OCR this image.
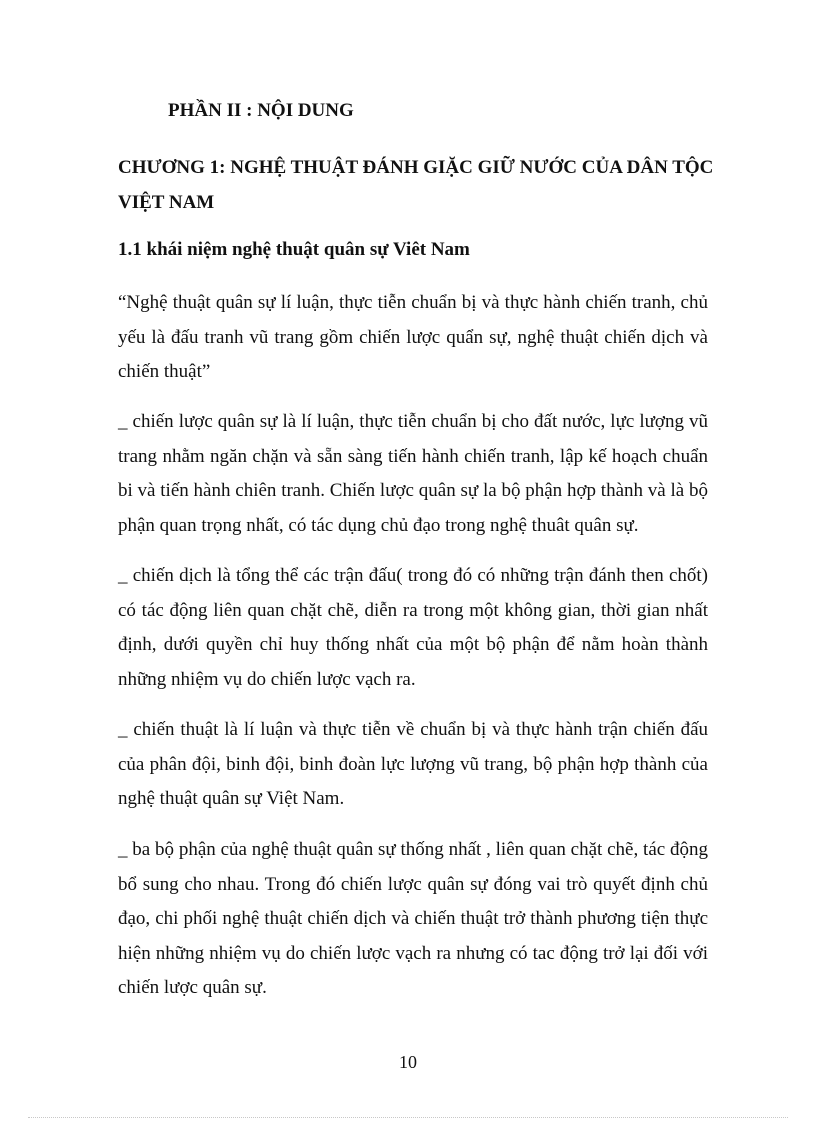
PHẦN II : NỘI DUNG
CHƯƠNG 1: NGHỆ THUẬT ĐÁNH GIẶC GIỮ NƯỚC CỦA DÂN TỘC VIỆT NAM
1.1 khái niệm nghệ thuật quân sự Viêt Nam

“Nghệ thuật quân sự lí luận, thực tiễn chuẩn bị và thực hành chiến tranh, chủ yếu là đấu tranh vũ trang gồm chiến lược quẩn sự, nghệ thuật chiến dịch và chiến thuật”

_ chiến lược quân sự là lí luận, thực tiễn chuẩn bị cho đất nước, lực lượng vũ trang nhằm ngăn chặn và sẵn sàng tiến hành chiến tranh, lập kế hoạch chuẩn bi và tiến hành chiên tranh. Chiến lược quân sự la bộ phận hợp thành và là bộ phận quan trọng nhất, có tác dụng chủ đạo trong nghệ thuât quân sự.

_ chiến dịch là tổng thể các trận đấu( trong đó có những trận đánh then chốt) có tác động liên quan chặt chẽ, diễn ra trong một không gian, thời gian nhất định, dưới quyền chỉ huy thống nhất của một bộ phận để nằm hoàn thành những nhiệm vụ do chiến lược vạch ra.

_ chiến thuật là lí luận và thực tiễn về chuẩn bị và thực hành trận chiến đấu của phân đội, binh đội, binh đoàn lực lượng vũ trang, bộ phận hợp thành của nghệ thuật quân sự Việt Nam.

_ ba bộ phận của nghệ thuật quân sự thống nhất , liên quan chặt chẽ, tác động bổ sung cho nhau. Trong đó chiến lược quân sự đóng vai trò quyết định chủ đạo, chi phối nghệ thuật chiến dịch và chiến thuật trở thành phương tiện thực hiện những nhiệm vụ do chiến lược vạch ra nhưng có tac động trở lại đối với chiến lược quân sự.

10
